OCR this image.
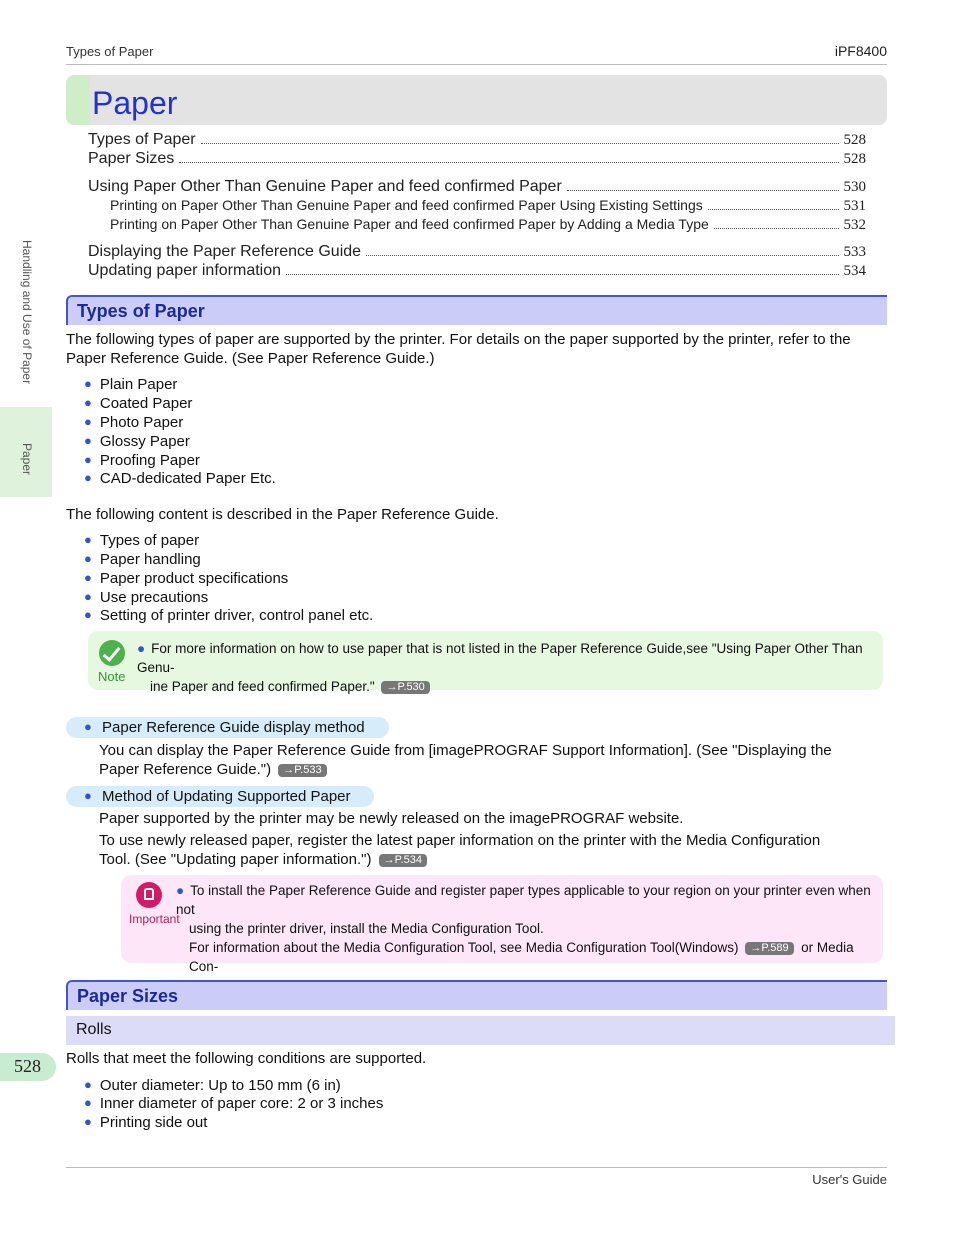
Types of Paper	iPF8400
Handling and Use of Paper
Paper
528
Paper
Types of Paper	528
Paper Sizes	528
Using Paper Other Than Genuine Paper and feed confirmed Paper	530
Printing on Paper Other Than Genuine Paper and feed confirmed Paper Using Existing Settings	531
Printing on Paper Other Than Genuine Paper and feed confirmed Paper by Adding a Media Type	532
Displaying the Paper Reference Guide	533
Updating paper information	534
Types of Paper
The following types of paper are supported by the printer. For details on the paper supported by the printer, refer to the
Paper Reference Guide. (See Paper Reference Guide.)
● Plain Paper
● Coated Paper
● Photo Paper
● Glossy Paper
● Proofing Paper
● CAD-dedicated Paper Etc.
The following content is described in the Paper Reference Guide.
● Types of paper
● Paper handling
● Paper product specifications
● Use precautions
● Setting of printer driver, control panel etc.
Note
● For more information on how to use paper that is not listed in the Paper Reference Guide,see "Using Paper Other Than Genu-
ine Paper and feed confirmed Paper." →P.530
● Paper Reference Guide display method
You can display the Paper Reference Guide from [imagePROGRAF Support Information]. (See "Displaying the
Paper Reference Guide.") →P.533
● Method of Updating Supported Paper
Paper supported by the printer may be newly released on the imagePROGRAF website.
To use newly released paper, register the latest paper information on the printer with the Media Configuration
Tool. (See "Updating paper information.") →P.534
Important
● To install the Paper Reference Guide and register paper types applicable to your region on your printer even when not
using the printer driver, install the Media Configuration Tool.
For information about the Media Configuration Tool, see Media Configuration Tool(Windows) →P.589 or Media Con-
Paper Sizes
Rolls
Rolls that meet the following conditions are supported.
● Outer diameter: Up to 150 mm (6 in)
● Inner diameter of paper core: 2 or 3 inches
● Printing side out
User's Guide
